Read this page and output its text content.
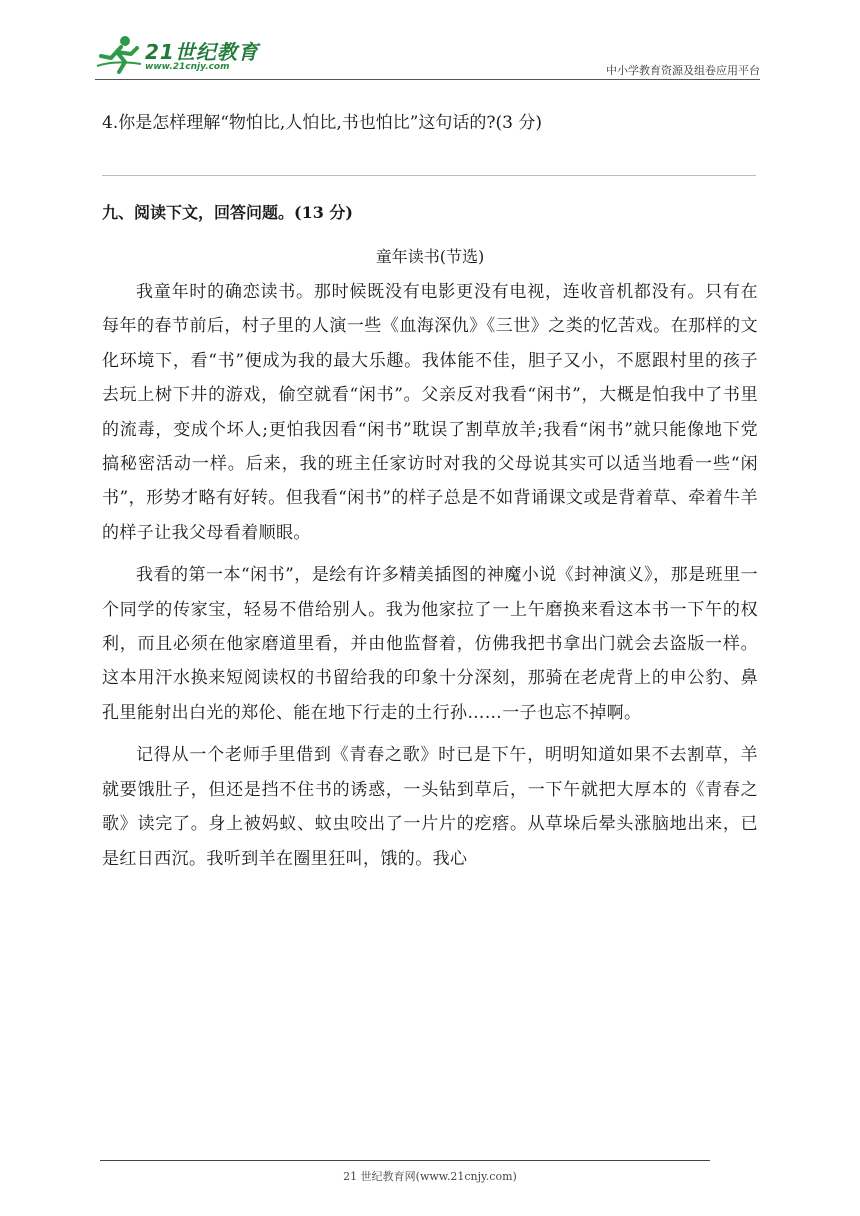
21世纪教育
www.21cnjy.com	中小学教育资源及组卷应用平台
4.你是怎样理解“物怕比,人怕比,书也怕比”这句话的?(3 分)
九、阅读下文，回答问题。(13 分)
童年读书(节选)

我童年时的确恋读书。那时候既没有电影更没有电视，连收音机都没有。只有在每年的春节前后，村子里的人演一些《血海深仇》《三世》之类的忆苦戏。在那样的文化环境下，看“书”便成为我的最大乐趣。我体能不佳，胆子又小，不愿跟村里的孩子去玩上树下井的游戏，偷空就看“闲书”。父亲反对我看“闲书”，大概是怕我中了书里的流毒，变成个坏人;更怕我因看“闲书”耽误了割草放羊;我看“闲书”就只能像地下党搞秘密活动一样。后来，我的班主任家访时对我的父母说其实可以适当地看一些“闲书”，形势才略有好转。但我看“闲书”的样子总是不如背诵课文或是背着草、牵着牛羊的样子让我父母看着顺眼。

我看的第一本“闲书”，是绘有许多精美插图的神魔小说《封神演义》，那是班里一个同学的传家宝，轻易不借给别人。我为他家拉了一上午磨换来看这本书一下午的权利，而且必须在他家磨道里看，并由他监督着，仿佛我把书拿出门就会去盗版一样。这本用汗水换来短阅读权的书留给我的印象十分深刻，那骑在老虎背上的申公豹、鼻孔里能射出白光的郑伦、能在地下行走的土行孙……一子也忘不掉啊。

记得从一个老师手里借到《青春之歌》时已是下午，明明知道如果不去割草，羊就要饿肚子，但还是挡不住书的诱惑，一头钻到草后，一下午就把大厚本的《青春之歌》读完了。身上被妈蚁、蚊虫咬出了一片片的疙瘩。从草垛后晕头涨脑地出来，已是红日西沉。我听到羊在圈里狂叫，饿的。我心

21 世纪教育网(www.21cnjy.com)
